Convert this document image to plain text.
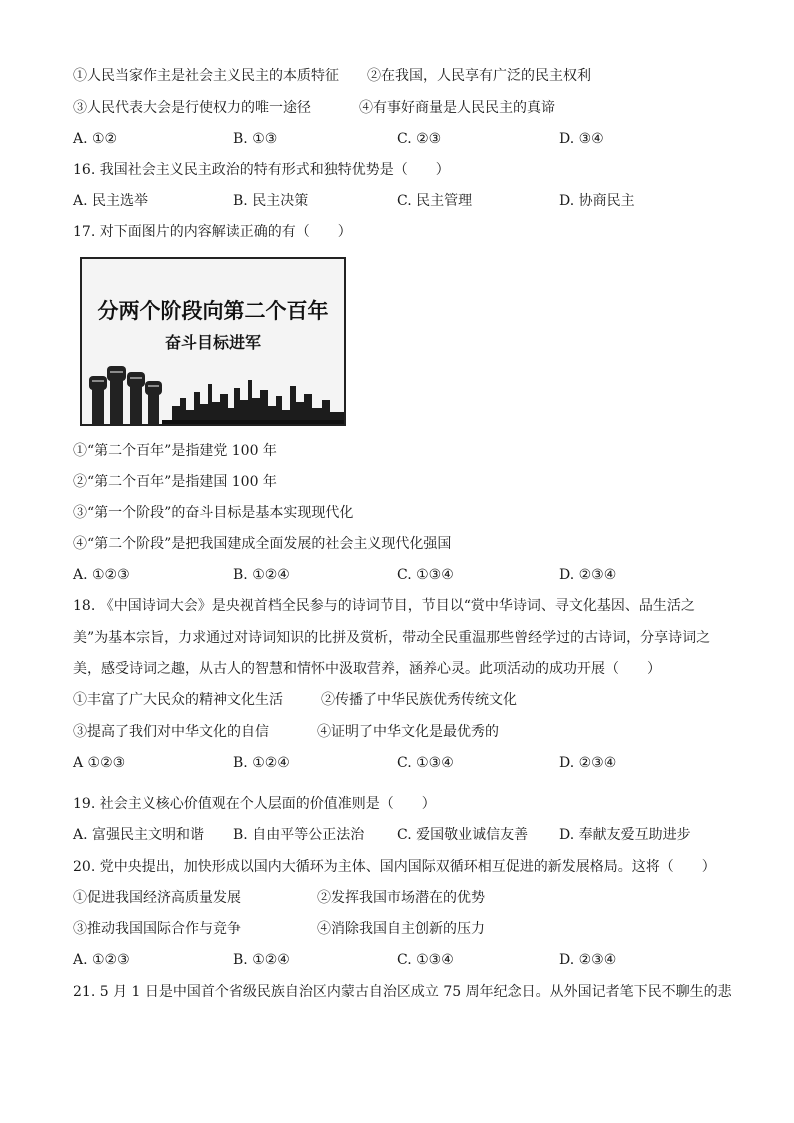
①人民当家作主是社会主义民主的本质特征 ②在我国，人民享有广泛的民主权利
③人民代表大会是行使权力的唯一途径	④有事好商量是人民民主的真谛
A. ①②	B. ①③	C. ②③	D. ③④
16. 我国社会主义民主政治的特有形式和独特优势是（　　）
A. 民主选举	B. 民主决策	C. 民主管理	D. 协商民主
17. 对下面图片的内容解读正确的有（　　）
分两个阶段向第二个百年
奋斗目标进军
①“第二个百年”是指建党 100 年
②“第二个百年”是指建国 100 年
③“第一个阶段”的奋斗目标是基本实现现代化
④“第二个阶段”是把我国建成全面发展的社会主义现代化强国
A. ①②③	B. ①②④	C. ①③④	D. ②③④
18. 《中国诗词大会》是央视首档全民参与的诗词节目，节目以“赏中华诗词、寻文化基因、品生活之
美”为基本宗旨，力求通过对诗词知识的比拼及赏析，带动全民重温那些曾经学过的古诗词，分享诗词之
美，感受诗词之趣，从古人的智慧和情怀中汲取营养，涵养心灵。此项活动的成功开展（　　）
①丰富了广大民众的精神文化生活	②传播了中华民族优秀传统文化
③提高了我们对中华文化的自信	④证明了中华文化是最优秀的
A ①②③	B. ①②④	C. ①③④	D. ②③④
19. 社会主义核心价值观在个人层面的价值准则是（　　）
A. 富强民主文明和谐 B. 自由平等公正法治 C. 爱国敬业诚信友善 D. 奉献友爱互助进步
20. 党中央提出，加快形成以国内大循环为主体、国内国际双循环相互促进的新发展格局。这将（　　）
①促进我国经济高质量发展	②发挥我国市场潜在的优势
③推动我国国际合作与竞争	④消除我国自主创新的压力
A. ①②③	B. ①②④	C. ①③④	D. ②③④
21. 5 月 1 日是中国首个省级民族自治区内蒙古自治区成立 75 周年纪念日。从外国记者笔下民不聊生的悲
